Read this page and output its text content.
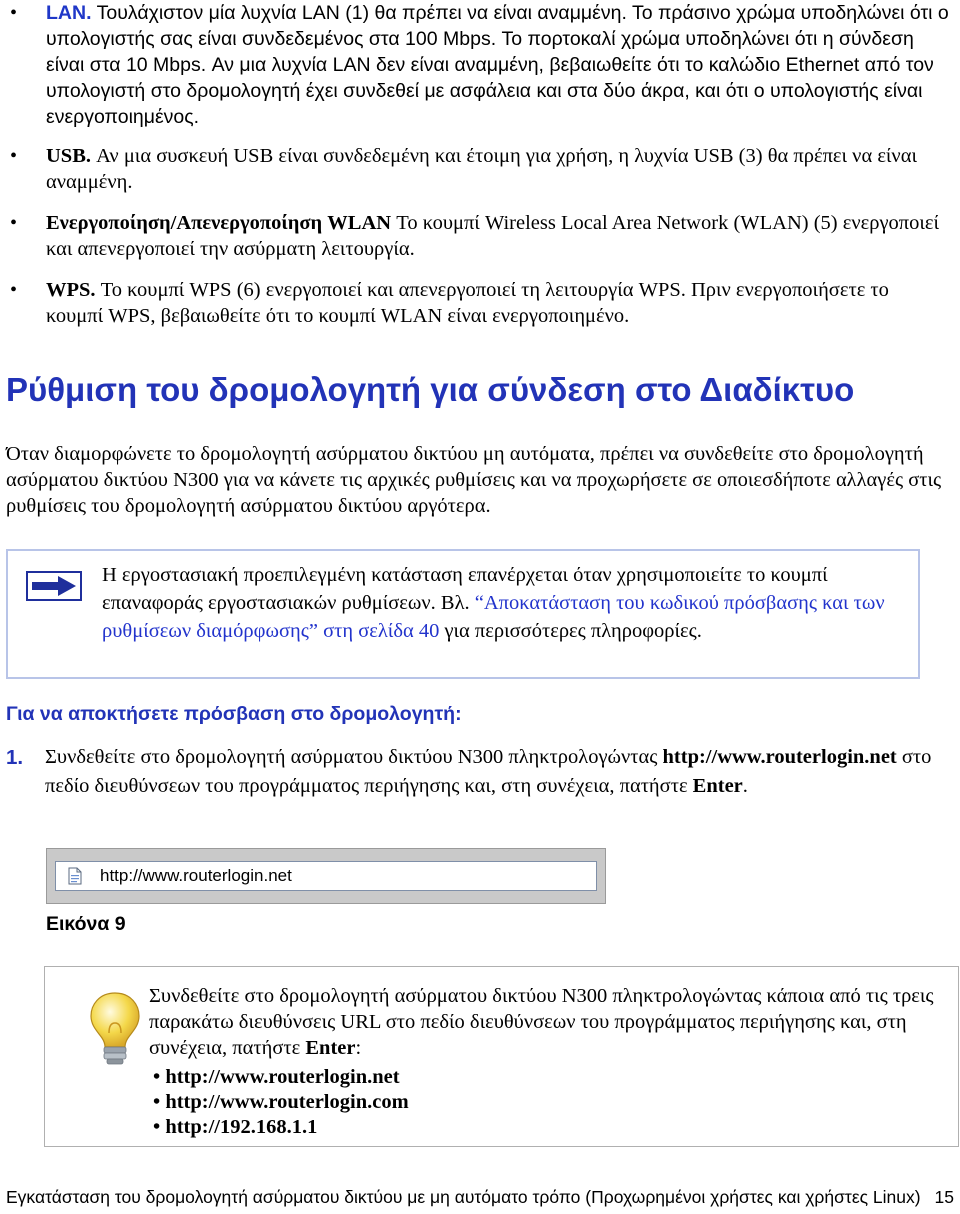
• LAN. Τουλάχιστον μία λυχνία LAN (1) θα πρέπει να είναι αναμμένη. Το πράσινο χρώμα υποδηλώνει ότι ο υπολογιστής σας είναι συνδεδεμένος στα 100 Mbps. Το πορτοκαλί χρώμα υποδηλώνει ότι η σύνδεση είναι στα 10 Mbps. Αν μια λυχνία LAN δεν είναι αναμμένη, βεβαιωθείτε ότι το καλώδιο Ethernet από τον υπολογιστή στο δρομολογητή έχει συνδεθεί με ασφάλεια και στα δύο άκρα, και ότι ο υπολογιστής είναι ενεργοποιημένος.
• USB. Αν μια συσκευή USB είναι συνδεδεμένη και έτοιμη για χρήση, η λυχνία USB (3) θα πρέπει να είναι αναμμένη.
• Ενεργοποίηση/Απενεργοποίηση WLAN Το κουμπί Wireless Local Area Network (WLAN) (5) ενεργοποιεί και απενεργοποιεί την ασύρματη λειτουργία.
• WPS. Το κουμπί WPS (6) ενεργοποιεί και απενεργοποιεί τη λειτουργία WPS. Πριν ενεργοποιήσετε το κουμπί WPS, βεβαιωθείτε ότι το κουμπί WLAN είναι ενεργοποιημένο.
Ρύθμιση του δρομολογητή για σύνδεση στο Διαδίκτυο

Όταν διαμορφώνετε το δρομολογητή ασύρματου δικτύου μη αυτόματα, πρέπει να συνδεθείτε στο δρομολογητή ασύρματου δικτύου N300 για να κάνετε τις αρχικές ρυθμίσεις και να προχωρήσετε σε οποιεσδήποτε αλλαγές στις ρυθμίσεις του δρομολογητή ασύρματου δικτύου αργότερα.

Η εργοστασιακή προεπιλεγμένη κατάσταση επανέρχεται όταν χρησιμοποιείτε το κουμπί επαναφοράς εργοστασιακών ρυθμίσεων. Βλ. “Αποκατάσταση του κωδικού πρόσβασης και των ρυθμίσεων διαμόρφωσης” στη σελίδα 40 για περισσότερες πληροφορίες.
Για να αποκτήσετε πρόσβαση στο δρομολογητή:
1. Συνδεθείτε στο δρομολογητή ασύρματου δικτύου N300 πληκτρολογώντας http://www.routerlogin.net στο πεδίο διευθύνσεων του προγράμματος περιήγησης και, στη συνέχεια, πατήστε Enter.
http://www.routerlogin.net
Εικόνα 9
Συνδεθείτε στο δρομολογητή ασύρματου δικτύου N300 πληκτρολογώντας κάποια από τις τρεις παρακάτω διευθύνσεις URL στο πεδίο διευθύνσεων του προγράμματος περιήγησης και, στη συνέχεια, πατήστε Enter:
• http://www.routerlogin.net
• http://www.routerlogin.com
• http://192.168.1.1
Εγκατάσταση του δρομολογητή ασύρματου δικτύου με μη αυτόματο τρόπο (Προχωρημένοι χρήστες και χρήστες Linux) 15
